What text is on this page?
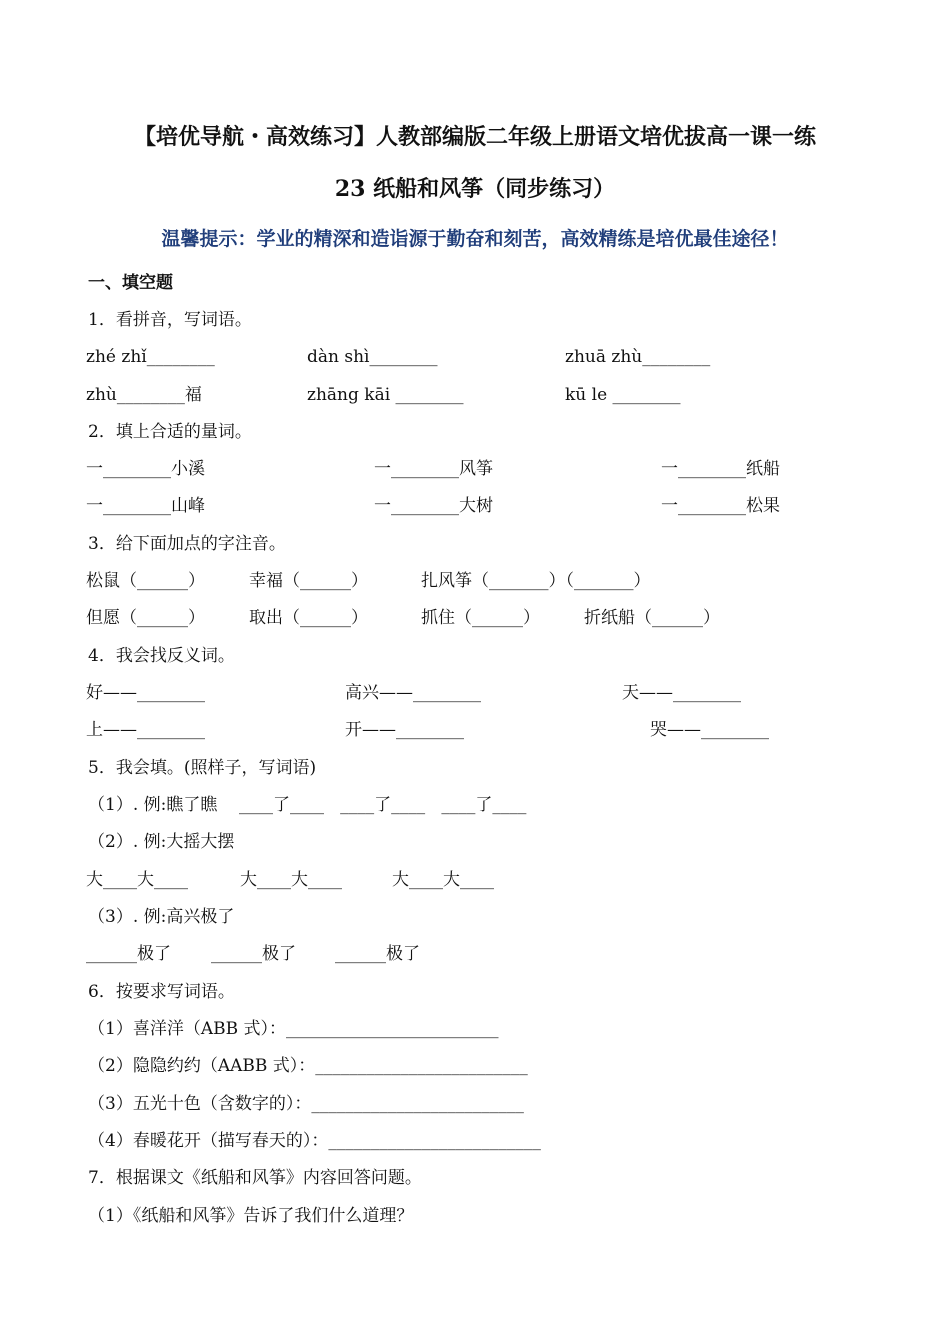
【培优导航・高效练习】人教部编版二年级上册语文培优拔高一课一练
23 纸船和风筝（同步练习）
温馨提示：学业的精深和造诣源于勤奋和刻苦，高效精练是培优最佳途径！
一、填空题
1．看拼音，写词语。
zhé zhǐ________	dàn shì________	zhuā zhù________
zhù________福	zhāng kāi ________	kū le ________
2．填上合适的量词。
一________小溪	一________风筝	一________纸船
一________山峰	一________大树	一________松果
3．给下面加点的字注音。
松鼠（______）	幸福（______）	扎风筝（_______）（_______）
但愿（______）	取出（______）	抓住（______）	折纸船（______）
4．我会找反义词。
好——________	高兴——________	天——________
上——________	开——________	哭——________
5．我会填。(照样子，写词语)
（1）. 例:瞧了瞧    ____了____   ____了____   ____了____
（2）. 例:大摇大摆
大____大____	大____大____	大____大____
（3）. 例:高兴极了
______极了 ______极了 ______极了
6．按要求写词语。
（1）喜洋洋（ABB 式）：_________________________
（2）隐隐约约（AABB 式）：_________________________
（3）五光十色（含数字的）：_________________________
（4）春暖花开（描写春天的）：_________________________
7．根据课文《纸船和风筝》内容回答问题。
（1）《纸船和风筝》告诉了我们什么道理？
